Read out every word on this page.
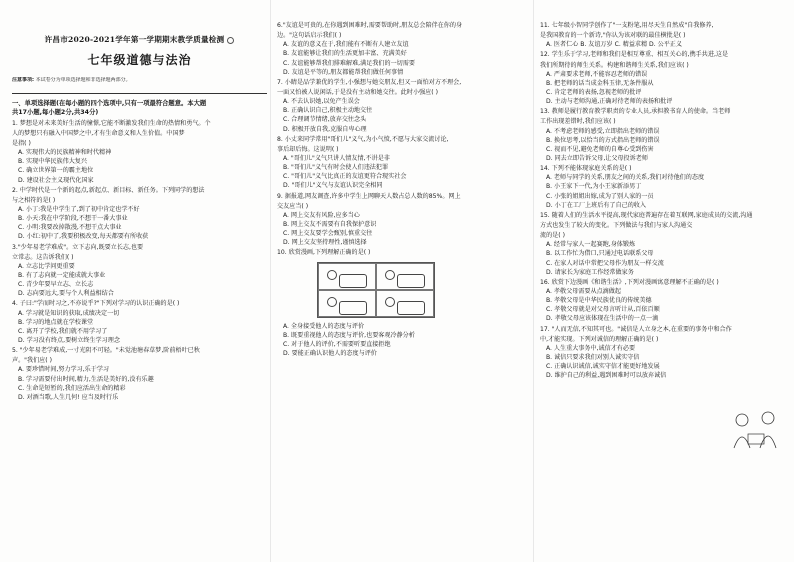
许昌市2020-2021学年第一学期期末教学质量检测
七年级道德与法治
注意事项: 本试卷分为单项选择题和非选择题两部分。

一、单项选择题(在每小题的四个选项中,只有一项最符合题意。本大题

共17小题,每小题2分,共34分)

1. 梦想是对未来美好生活的憧憬,它能不断激发我们生命的热情和勇气。个

人的梦想只有融入中国梦之中,才有生命意义和人生价值。中国梦

是指( )

A. 实现伟大的民族精神和时代精神

B. 实现中华民族伟大复兴

C. 确立世界第一的霸主地位

D. 建设社会主义现代化国家

2. 中学时代是一个新的起点,新起点、新目标、新任务。下列同学的想法

与之相符的是( )

A. 小丁:我是中学生了,到了初中肯定也学不好

B. 小天:我在中学阶段,不想干一番大事业

C. 小明:我要改掉散漫,不想干点大事业

D. 小红:初中了,我要积极改变,每天都要有所收获

3."少年易老学难成"。立下志向,既要立长志,也要

立常志。这告诉我们( )

A. 立志比学问更重要

B. 有了志向就一定能成就大事业

C. 青少年要早立志、立长志

D. 志向要远大,要与个人利益相结合

4. 子曰:"学而时习之,不亦说乎?"下列对学习的认识正确的是( )

A. 学习就是知识的获取,成绩决定一切

B. 学习的地点就在学校课堂

C. 离开了学校,我们就不用学习了

D. 学习没有终点,要树立终生学习理念

5. "少年易老学难成,一寸光阴不可轻。"未觉池塘春草梦,阶前梧叶已秋

声。"我们应( )

A. 要珍惜时间,努力学习,乐于学习

B. 学习需要付出时间,精力,生活是美好的,没有乐趣

C. 生命是短暂的,我们应活出生命的精彩

D. 对酒当歌,人生几何! 应当及时行乐

6."友谊是可贵的,在你遇到困难时,需要帮助时,朋友总会陪伴在你的身

边。"这句话启示我们( )

A. 友谊的意义在于,我们能有不断有人建立友谊

B. 友谊能够让我们的生活更加丰富、充满美好

C. 友谊能够帮我们排难解难,满足我们的一切需要

D. 友谊是平等的,朋友都能帮我们做任何事情

7. 小睛是品学兼优的学生,小强想与她交朋友,但又一面怕对方不理会,

一面又怕被人说闲话,于是没有主动和她交往。此时小强应( )

A. 不去认识她,以免产生误会

B. 正确认识自己,积极主动地交往

C. 合理调节情绪,放弃交往念头

D. 积极开放自我,克服自卑心理

8. 小丈来同学常用"哥们儿"义气,为小气愤,不愿与大家交流讨论,

事后却后悔。这说明( )

A. "哥们儿"义气只讲人情友情,不讲是非

B. "哥们儿"义气有时会使人们违法犯罪

C. "哥们儿"义气比真正的友谊更符合现实社会

D. "哥们儿"义气与友谊认识完全相同

9. 据报道,网友调查,许多中学生上网聊天人数占总人数的85%。网上

交友应当( )

A. 网上交友有风险,应多当心

B. 网上交友不需要有自我保护意识

C. 网上交友要学会甄别,慎重交往

D. 网上交友坚持理性,谨慎选择

10. 欣赏漫画,下列理解正确的是( )

A. 全身接受他人的态度与评价

B. 既要重视他人的态度与评价,也要客观冷静分析

C. 对于他人的评价,不需要听要直接拒绝

D. 要能正确认识他人的态度与评价

11. 七年级小智同学创作了"一支粉笔,用尽天生自然成"自我修养,

是我国教育的一个新诗,"你认为该对联的最佳横批是( )

A. 医者仁心 B. 友谊万岁 C. 精益求精 D. 公平正义

12. 学生乐于学习,老师和我们是相互尊重、相互关心的,携手共进,这是

我们所期待的师生关系。构建和谐师生关系,我们应该( )

A. 严肃要求老师,不能容忍老师的错误

B. 把老师的话当成金科玉律,无条件服从

C. 肯定老师的表扬,忽视老师的批评

D. 主动与老师沟通,正确对待老师的表扬和批评

13. 教师是履行教育教学职责的专业人员,承担教书育人的使命。当老师

工作出现差错时,我们应该( )

A. 不考虑老师的感受,立即指出老师的错误

B. 换位思考,以恰当的方式指出老师的错误

C. 视而不见,避免老师的自尊心受到伤害

D. 同去立即告诉父母,让父母投诉老师

14. 下列不能体现家庭关系的是( )

A. 老师与同学的关系,朋友之间的关系,我们对待他们的态度

B. 小王家下一代,为小王家新添男丁

C. 小张的姐姐出嫁,成为了别人家的一员

D. 小丁在工厂上班后有了自己的收入

15. 随着人们的生活水平提高,现代家庭普遍存在着互联网,家庭成员的交流,沟通

方式也发生了较大的变化。下列做法与我们与家人沟通交

流的是( )

A. 经常与家人一起赛跑,身体锻炼

B. 以工作忙为借口,只通过电话联系父母

C. 在家人对话中常把父母作为朋友一样交流

D. 请家长为家庭工作经常做家务

16. 欣赏下边漫画《和谐生活》,下列对漫画寓意理解不正确的是( )

A. 孝敬父母需要从点滴做起

B. 孝敬父母是中华民族优良的传统美德

C. 孝敬父母就是对父母言听计从,百依百顺

D. 孝敬父母应该体现在生活中的一点一滴

17. "人而无信,不知其可也。"诚信是人立身之本,在重要的事务中和合作

中,才能实现。下列对诚信的理解正确的是( )

A. 人生重大事务中,诚信才有必要

B. 诚信只要求我们对别人诚实守信

C. 正确认识诚信,诚实守信才能更好地发展

D. 维护自己的利益,遇到困难时可以放弃诚信
